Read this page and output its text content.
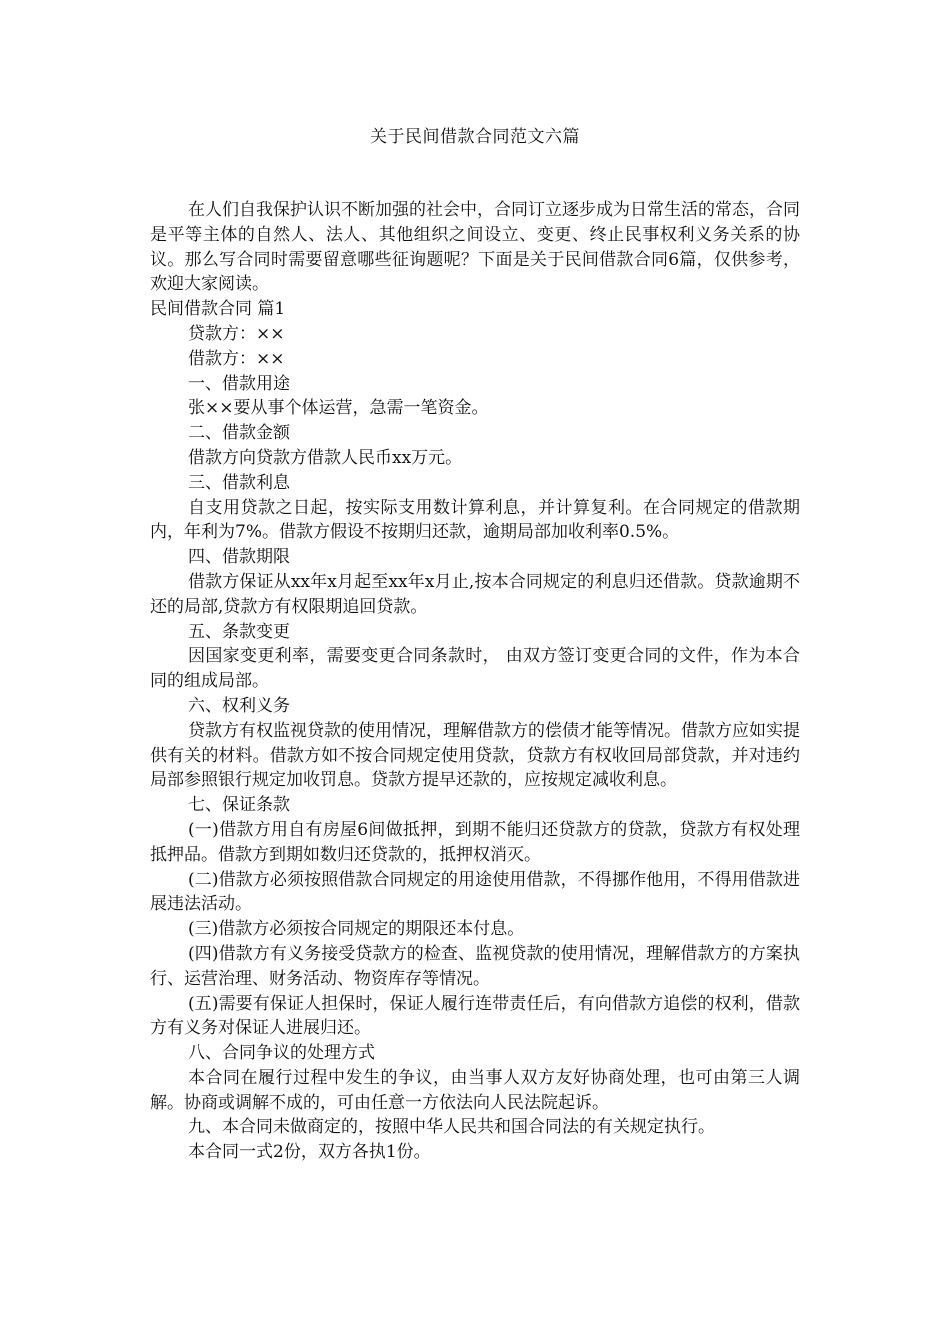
关于民间借款合同范文六篇

在人们自我保护认识不断加强的社会中，合同订立逐步成为日常生活的常态，合同是平等主体的自然人、法人、其他组织之间设立、变更、终止民事权利义务关系的协议。那么写合同时需要留意哪些征询题呢？下面是关于民间借款合同6篇，仅供参考，欢迎大家阅读。

民间借款合同 篇1

贷款方：××

借款方：××

一、借款用途

张××要从事个体运营，急需一笔资金。

二、借款金额

借款方向贷款方借款人民币xx万元。

三、借款利息

自支用贷款之日起，按实际支用数计算利息，并计算复利。在合同规定的借款期内，年利为7%。借款方假设不按期归还款，逾期局部加收利率0.5%。

四、借款期限

借款方保证从xx年x月起至xx年x月止,按本合同规定的利息归还借款。贷款逾期不还的局部,贷款方有权限期追回贷款。

五、条款变更

因国家变更利率，需要变更合同条款时， 由双方签订变更合同的文件，作为本合同的组成局部。

六、权利义务

贷款方有权监视贷款的使用情况，理解借款方的偿债才能等情况。借款方应如实提供有关的材料。借款方如不按合同规定使用贷款，贷款方有权收回局部贷款，并对违约局部参照银行规定加收罚息。贷款方提早还款的，应按规定减收利息。

七、保证条款

(一)借款方用自有房屋6间做抵押，到期不能归还贷款方的贷款，贷款方有权处理抵押品。借款方到期如数归还贷款的，抵押权消灭。

(二)借款方必须按照借款合同规定的用途使用借款，不得挪作他用，不得用借款进展违法活动。

(三)借款方必须按合同规定的期限还本付息。

(四)借款方有义务接受贷款方的检查、监视贷款的使用情况，理解借款方的方案执行、运营治理、财务活动、物资库存等情况。

(五)需要有保证人担保时，保证人履行连带责任后，有向借款方追偿的权利，借款方有义务对保证人进展归还。

八、合同争议的处理方式

本合同在履行过程中发生的争议，由当事人双方友好协商处理，也可由第三人调解。协商或调解不成的，可由任意一方依法向人民法院起诉。

九、本合同未做商定的，按照中华人民共和国合同法的有关规定执行。

本合同一式2份，双方各执1份。
